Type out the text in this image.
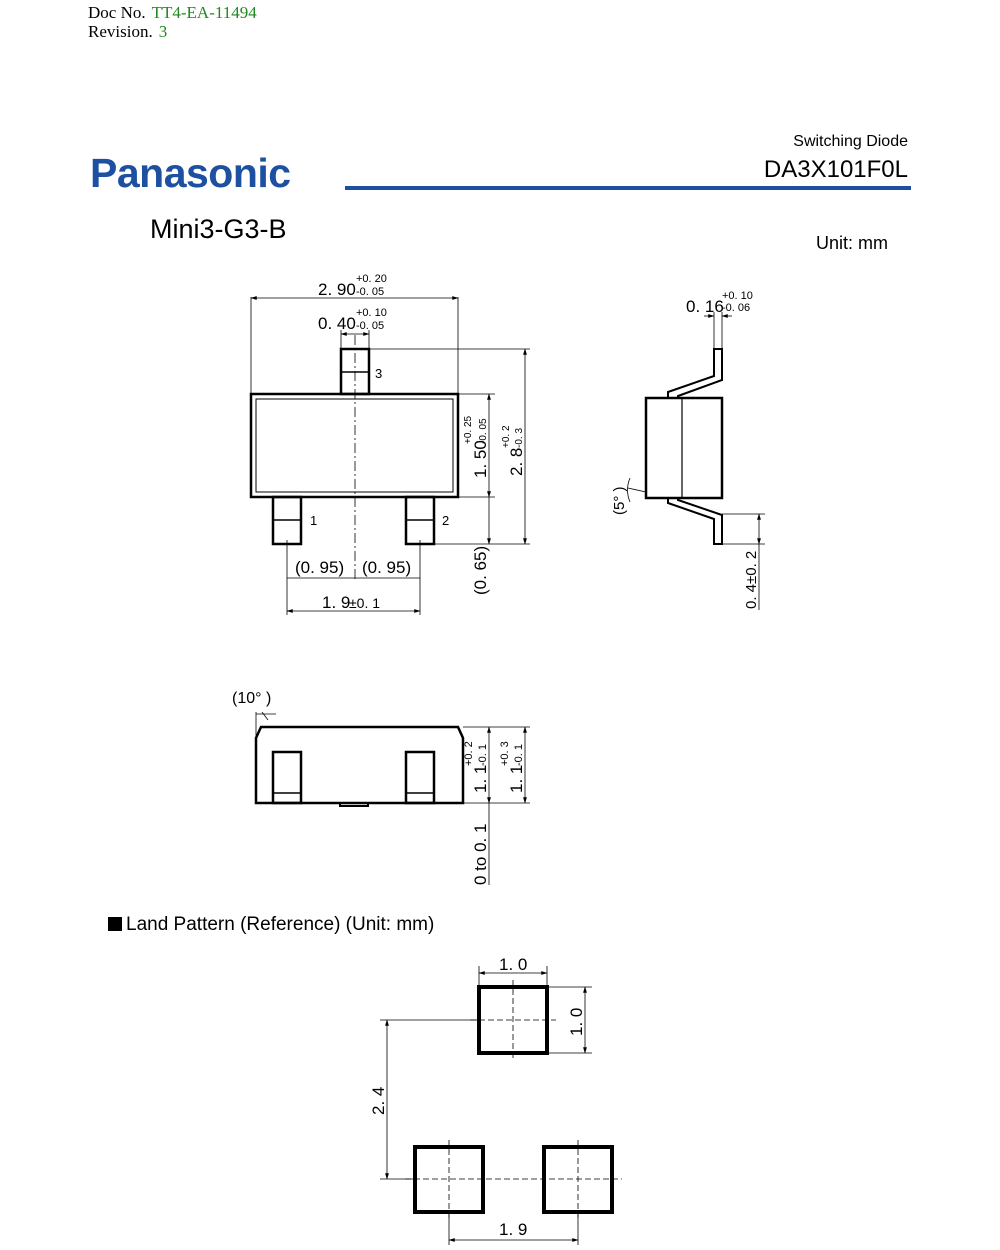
Doc No. TT4-EA-11494
Revision. 3
Panasonic
Switching Diode
DA3X101F0L
Mini3-G3-B	Unit: mm
2. 90
+0. 20
-0. 05
0. 40
+0. 10
-0. 05
3
1	2
(0. 95) (0. 95)
1. 9
±0. 1
1. 50
+0. 25 -0. 05
2. 8
+0. 2 -0. 3
(0. 65)
0. 16
+0. 10
-0. 06
(5° )
0. 4±0. 2
(10° )
1. 1
+0. 2 -0. 1
1. 1
+0. 3 -0. 1
0 to 0. 1
1. 0
1. 0
2. 4
1. 9
Land Pattern (Reference) (Unit: mm)
